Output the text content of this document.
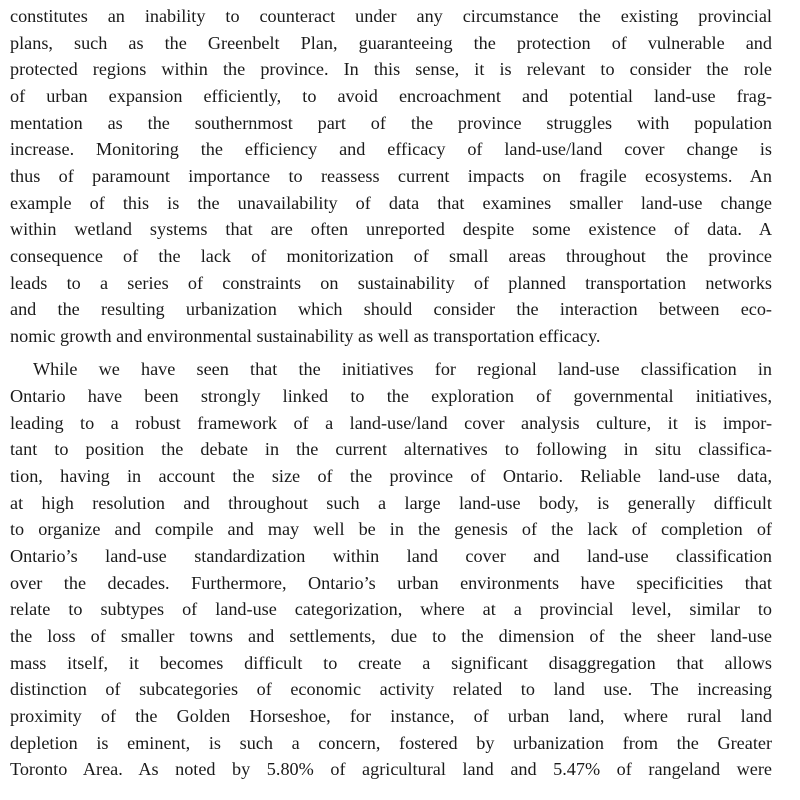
constitutes an inability to counteract under any circumstance the existing provincial
plans, such as the Greenbelt Plan, guaranteeing the protection of vulnerable and
protected regions within the province. In this sense, it is relevant to consider the role
of urban expansion efficiently, to avoid encroachment and potential land-use frag-
mentation as the southernmost part of the province struggles with population
increase. Monitoring the efficiency and efficacy of land-use/land cover change is
thus of paramount importance to reassess current impacts on fragile ecosystems. An
example of this is the unavailability of data that examines smaller land-use change
within wetland systems that are often unreported despite some existence of data. A
consequence of the lack of monitorization of small areas throughout the province
leads to a series of constraints on sustainability of planned transportation networks
and the resulting urbanization which should consider the interaction between eco-
nomic growth and environmental sustainability as well as transportation efficacy.
While we have seen that the initiatives for regional land-use classification in
Ontario have been strongly linked to the exploration of governmental initiatives,
leading to a robust framework of a land-use/land cover analysis culture, it is impor-
tant to position the debate in the current alternatives to following in situ classifica-
tion, having in account the size of the province of Ontario. Reliable land-use data,
at high resolution and throughout such a large land-use body, is generally difficult
to organize and compile and may well be in the genesis of the lack of completion of
Ontario’s land-use standardization within land cover and land-use classification
over the decades. Furthermore, Ontario’s urban environments have specificities that
relate to subtypes of land-use categorization, where at a provincial level, similar to
the loss of smaller towns and settlements, due to the dimension of the sheer land-use
mass itself, it becomes difficult to create a significant disaggregation that allows
distinction of subcategories of economic activity related to land use. The increasing
proximity of the Golden Horseshoe, for instance, of urban land, where rural land
depletion is eminent, is such a concern, fostered by urbanization from the Greater
Toronto Area. As noted by 5.80% of agricultural land and 5.47% of rangeland were
